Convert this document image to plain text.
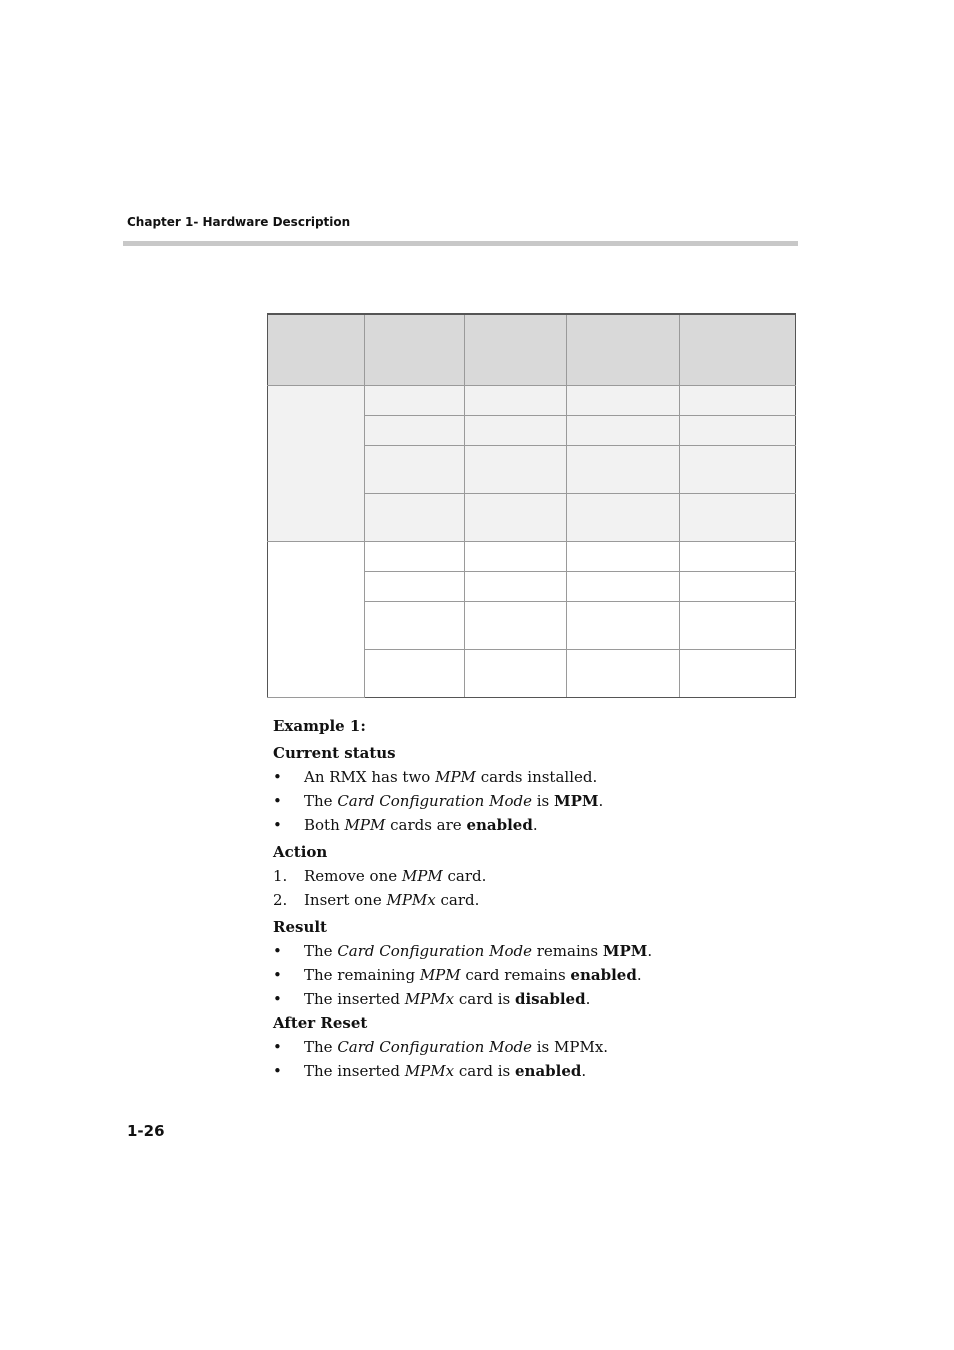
Chapter 1- Hardware Description

Example 1:

Current status

• An RMX has two MPM cards installed.
• The Card Configuration Mode is MPM.
• Both MPM cards are enabled.

Action

1. Remove one MPM card.
2. Insert one MPMx card.

Result

• The Card Configuration Mode remains MPM.
• The remaining MPM card remains enabled.
• The inserted MPMx card is disabled.

After Reset

• The Card Configuration Mode is MPMx.
• The inserted MPMx card is enabled.
1-26
